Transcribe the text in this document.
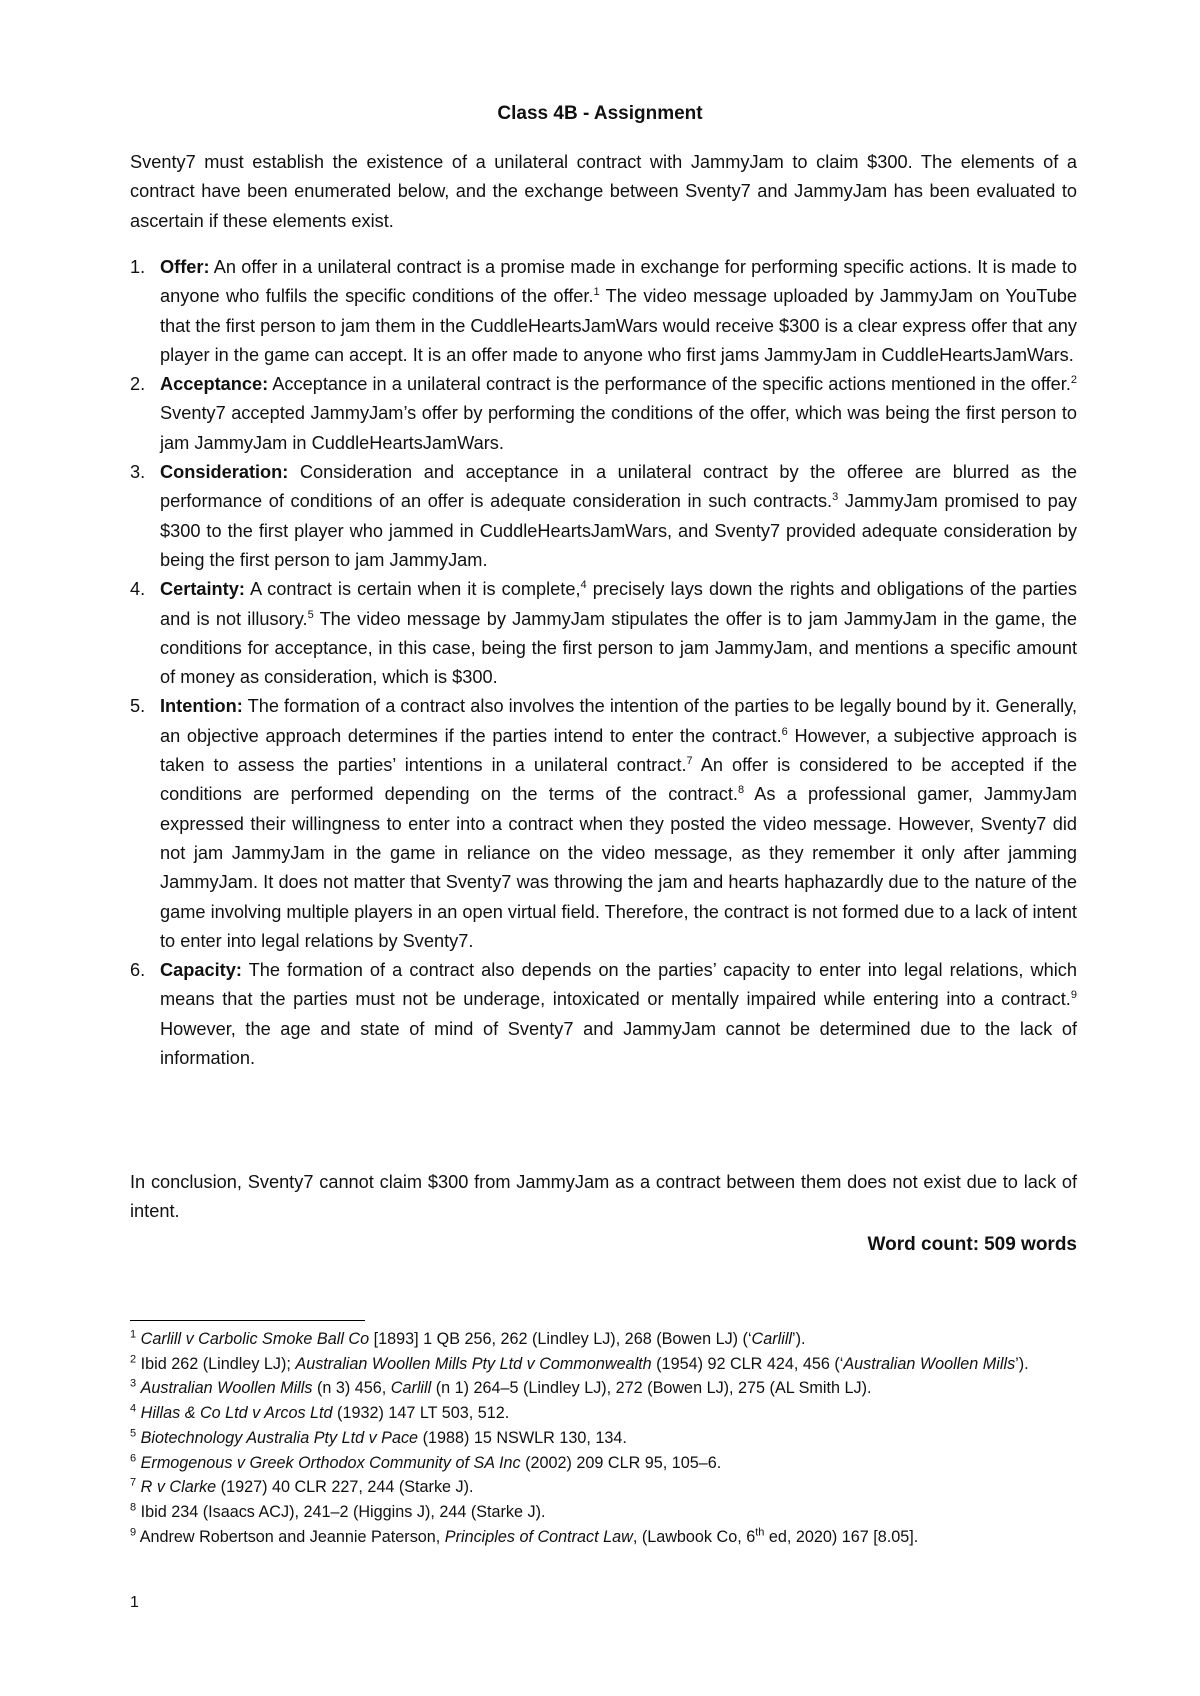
Class 4B - Assignment

Sventy7 must establish the existence of a unilateral contract with JammyJam to claim $300. The elements of a contract have been enumerated below, and the exchange between Sventy7 and JammyJam has been evaluated to ascertain if these elements exist.

1. Offer: An offer in a unilateral contract is a promise made in exchange for performing specific actions. It is made to anyone who fulfils the specific conditions of the offer.$^1$ The video message uploaded by JammyJam on YouTube that the first person to jam them in the CuddleHeartsJamWars would receive $300 is a clear express offer that any player in the game can accept. It is an offer made to anyone who first jams JammyJam in CuddleHeartsJamWars.
2. Acceptance: Acceptance in a unilateral contract is the performance of the specific actions mentioned in the offer.$^2$ Sventy7 accepted JammyJam’s offer by performing the conditions of the offer, which was being the first person to jam JammyJam in CuddleHeartsJamWars.
3. Consideration: Consideration and acceptance in a unilateral contract by the offeree are blurred as the performance of conditions of an offer is adequate consideration in such contracts.$^3$ JammyJam promised to pay $300 to the first player who jammed in CuddleHeartsJamWars, and Sventy7 provided adequate consideration by being the first person to jam JammyJam.
4. Certainty: A contract is certain when it is complete,$^4$ precisely lays down the rights and obligations of the parties and is not illusory.$^5$ The video message by JammyJam stipulates the offer is to jam JammyJam in the game, the conditions for acceptance, in this case, being the first person to jam JammyJam, and mentions a specific amount of money as consideration, which is $300.
5. Intention: The formation of a contract also involves the intention of the parties to be legally bound by it. Generally, an objective approach determines if the parties intend to enter the contract.$^6$ However, a subjective approach is taken to assess the parties’ intentions in a unilateral contract.$^7$ An offer is considered to be accepted if the conditions are performed depending on the terms of the contract.$^8$ As a professional gamer, JammyJam expressed their willingness to enter into a contract when they posted the video message. However, Sventy7 did not jam JammyJam in the game in reliance on the video message, as they remember it only after jamming JammyJam. It does not matter that Sventy7 was throwing the jam and hearts haphazardly due to the nature of the game involving multiple players in an open virtual field. Therefore, the contract is not formed due to a lack of intent to enter into legal relations by Sventy7.
6. Capacity: The formation of a contract also depends on the parties’ capacity to enter into legal relations, which means that the parties must not be underage, intoxicated or mentally impaired while entering into a contract.$^9$ However, the age and state of mind of Sventy7 and JammyJam cannot be determined due to the lack of information.

In conclusion, Sventy7 cannot claim $300 from JammyJam as a contract between them does not exist due to lack of intent.

Word count: 509 words
$^1$ Carlill v Carbolic Smoke Ball Co [1893] 1 QB 256, 262 (Lindley LJ), 268 (Bowen LJ) (‘Carlill’).
$^2$ Ibid 262 (Lindley LJ); Australian Woollen Mills Pty Ltd v Commonwealth (1954) 92 CLR 424, 456 (‘Australian Woollen Mills’).
$^3$ Australian Woollen Mills (n 3) 456, Carlill (n 1) 264–5 (Lindley LJ), 272 (Bowen LJ), 275 (AL Smith LJ).
$^4$ Hillas & Co Ltd v Arcos Ltd (1932) 147 LT 503, 512.
$^5$ Biotechnology Australia Pty Ltd v Pace (1988) 15 NSWLR 130, 134.
$^6$ Ermogenous v Greek Orthodox Community of SA Inc (2002) 209 CLR 95, 105–6.
$^7$ R v Clarke (1927) 40 CLR 227, 244 (Starke J).
$^8$ Ibid 234 (Isaacs ACJ), 241–2 (Higgins J), 244 (Starke J).
$^9$ Andrew Robertson and Jeannie Paterson, Principles of Contract Law, (Lawbook Co, 6th ed, 2020) 167 [8.05].
1
